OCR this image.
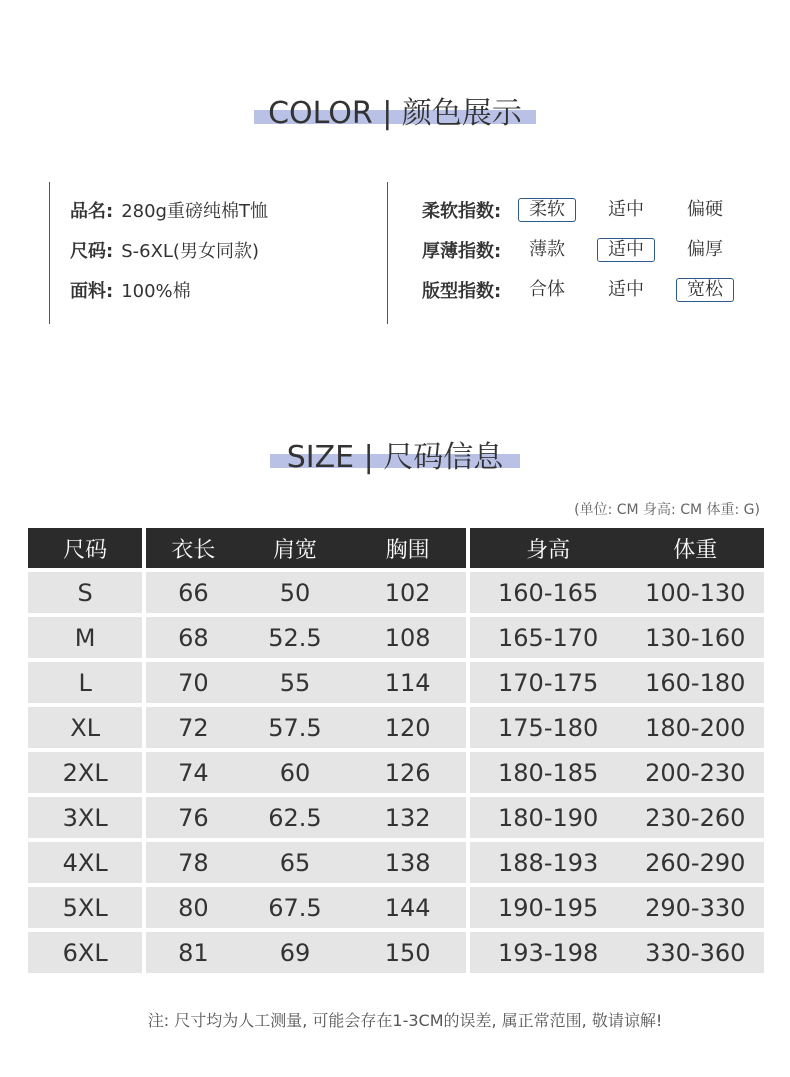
COLOR | 颜色展示
品名: 280g重磅纯棉T恤
尺码: S-6XL(男女同款)
面料: 100%棉
柔软指数:	柔软	适中	偏硬
厚薄指数:	薄款	适中	偏厚
版型指数:	合体	适中	宽松
SIZE | 尺码信息
(单位: CM 身高: CM 体重: G)
尺码	衣长	肩宽	胸围	身高	体重
S	66	50	102	160-165	100-130
M	68	52.5	108	165-170	130-160
L	70	55	114	170-175	160-180
XL	72	57.5	120	175-180	180-200
2XL	74	60	126	180-185	200-230
3XL	76	62.5	132	180-190	230-260
4XL	78	65	138	188-193	260-290
5XL	80	67.5	144	190-195	290-330
6XL	81	69	150	193-198	330-360
注: 尺寸均为人工测量, 可能会存在1-3CM的误差, 属正常范围, 敬请谅解!
